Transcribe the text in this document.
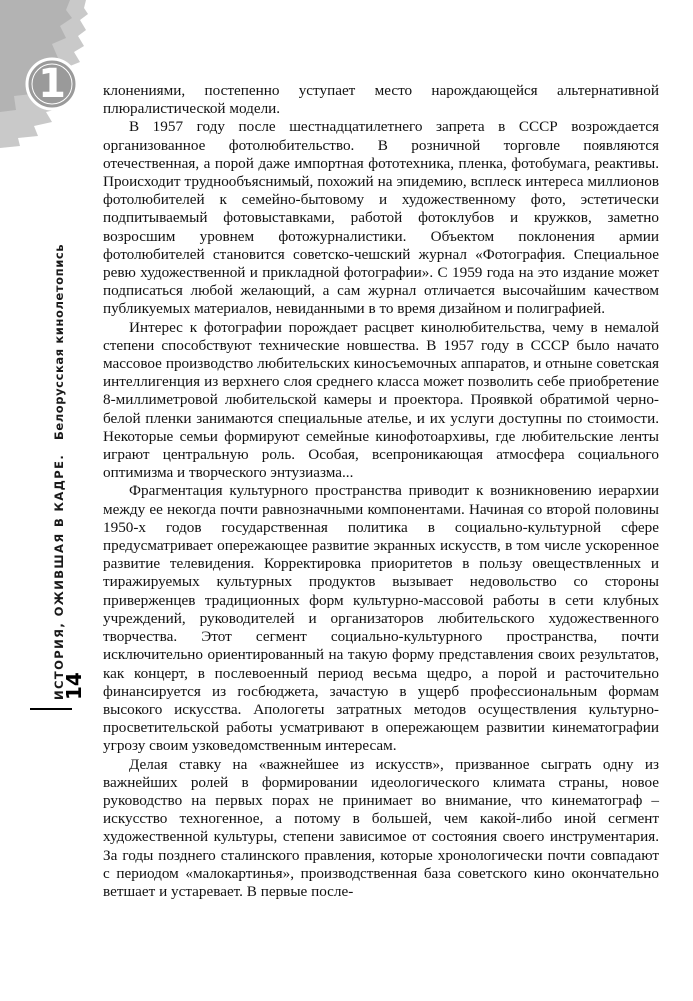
1
ИСТОРИЯ, ОЖИВШАЯ В КАДРЕ.   Белорусская кинолетопись
14

клонениями, постепенно уступает место нарождающейся альтернативной плюралистической модели.

В 1957 году после шестнадцатилетнего запрета в СССР возрождается организованное фотолюбительство. В розничной торговле появляются отечественная, а порой даже импортная фототехника, пленка, фотобумага, реактивы. Происходит труднообъяснимый, похожий на эпидемию, всплеск интереса миллионов фотолюбителей к семейно-бытовому и художественному фото, эстетически подпитываемый фотовыставками, работой фотоклубов и кружков, заметно возросшим уровнем фотожурналистики. Объектом поклонения армии фотолюбителей становится советско-чешский журнал «Фотография. Специальное ревю художественной и прикладной фотографии». С 1959 года на это издание может подписаться любой желающий, а сам журнал отличается высочайшим качеством публикуемых материалов, невиданными в то время дизайном и полиграфией.

Интерес к фотографии порождает расцвет кинолюбительства, чему в немалой степени способствуют технические новшества. В 1957 году в СССР было начато массовое производство любительских киносъемочных аппаратов, и отныне советская интеллигенция из верхнего слоя среднего класса может позволить себе приобретение 8-миллиметровой любительской камеры и проектора. Проявкой обратимой черно-белой пленки занимаются специальные ателье, и их услуги доступны по стоимости. Некоторые семьи формируют семейные кинофотоархивы, где любительские ленты играют центральную роль. Особая, всепроникающая атмосфера социального оптимизма и творческого энтузиазма...

Фрагментация культурного пространства приводит к возникновению иерархии между ее некогда почти равнозначными компонентами. Начиная со второй половины 1950-х годов государственная политика в социально-культурной сфере предусматривает опережающее развитие экранных искусств, в том числе ускоренное развитие телевидения. Корректировка приоритетов в пользу овеществленных и тиражируемых культурных продуктов вызывает недовольство со стороны приверженцев традиционных форм культурно-массовой работы в сети клубных учреждений, руководителей и организаторов любительского художественного творчества. Этот сегмент социально-культурного пространства, почти исключительно ориентированный на такую форму представления своих результатов, как концерт, в послевоенный период весьма щедро, а порой и расточительно финансируется из госбюджета, зачастую в ущерб профессиональным формам высокого искусства. Апологеты затратных методов осуществления культурно-просветительской работы усматривают в опережающем развитии кинематографии угрозу своим узковедомственным интересам.

Делая ставку на «важнейшее из искусств», призванное сыграть одну из важнейших ролей в формировании идеологического климата страны, новое руководство на первых порах не принимает во внимание, что кинематограф – искусство техногенное, а потому в большей, чем какой-либо иной сегмент художественной культуры, степени зависимое от состояния своего инструментария. За годы позднего сталинского правления, которые хронологически почти совпадают с периодом «малокартинья», производственная база советского кино окончательно ветшает и устаревает. В первые после-
